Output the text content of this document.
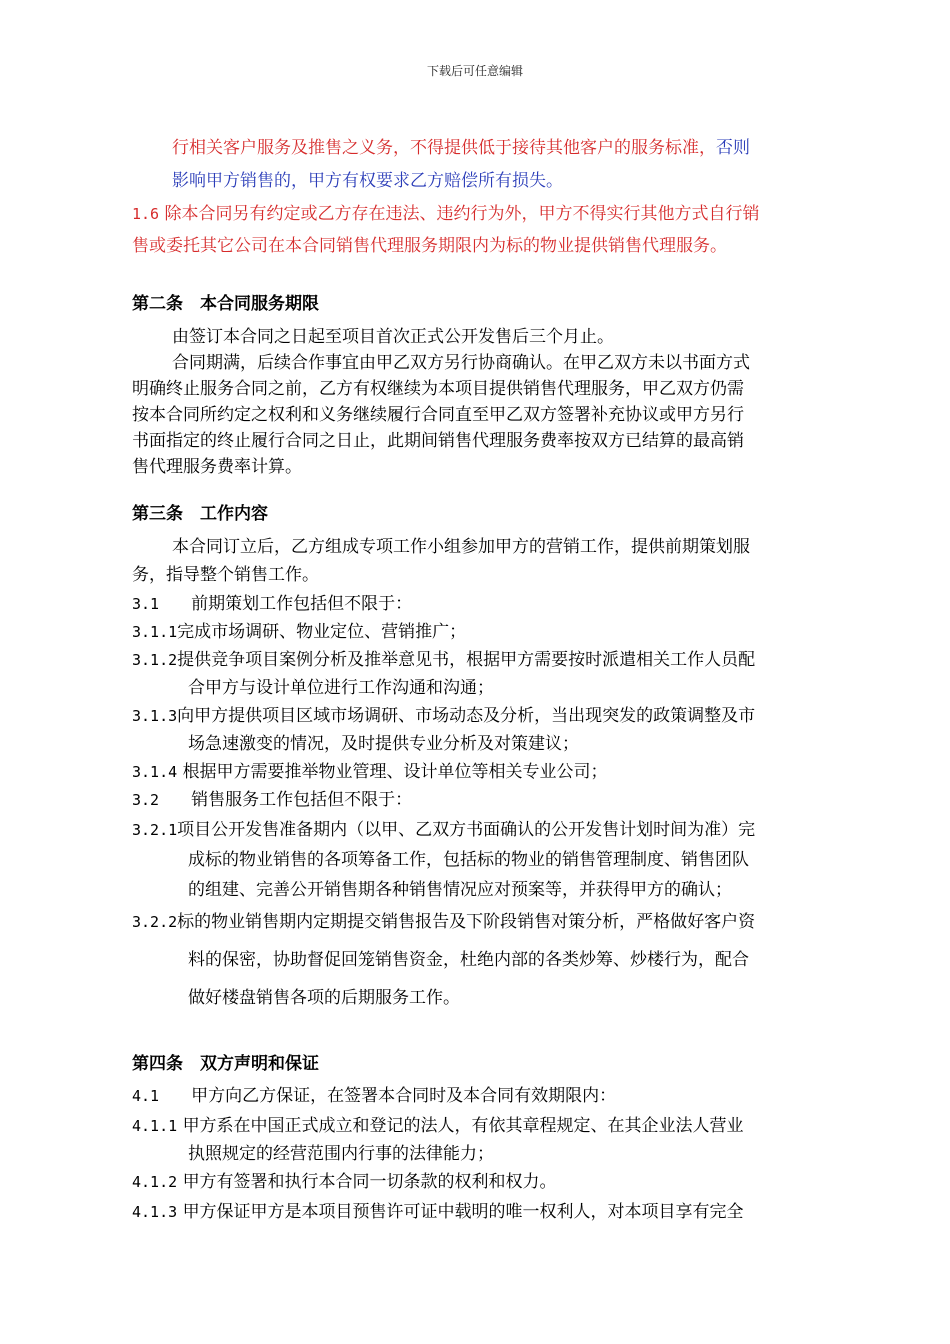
下载后可任意编辑
行相关客户服务及推售之义务，不得提供低于接待其他客户的服务标准，否则
影响甲方销售的，甲方有权要求乙方赔偿所有损失。
1.6 除本合同另有约定或乙方存在违法、违约行为外，甲方不得实行其他方式自行销
售或委托其它公司在本合同销售代理服务期限内为标的物业提供销售代理服务。
第二条　本合同服务期限
由签订本合同之日起至项目首次正式公开发售后三个月止。
合同期满，后续合作事宜由甲乙双方另行协商确认。在甲乙双方未以书面方式
明确终止服务合同之前，乙方有权继续为本项目提供销售代理服务，甲乙双方仍需
按本合同所约定之权利和义务继续履行合同直至甲乙双方签署补充协议或甲方另行
书面指定的终止履行合同之日止，此期间销售代理服务费率按双方已结算的最高销
售代理服务费率计算。
第三条　工作内容
本合同订立后，乙方组成专项工作小组参加甲方的营销工作，提供前期策划服
务，指导整个销售工作。
3.1 前期策划工作包括但不限于：
3.1.1完成市场调研、物业定位、营销推广；
3.1.2提供竞争项目案例分析及推举意见书，根据甲方需要按时派遣相关工作人员配
合甲方与设计单位进行工作沟通和沟通；
3.1.3向甲方提供项目区域市场调研、市场动态及分析，当出现突发的政策调整及市
场急速激变的情况，及时提供专业分析及对策建议；
3.1.4 根据甲方需要推举物业管理、设计单位等相关专业公司；
3.2 销售服务工作包括但不限于：
3.2.1项目公开发售准备期内（以甲、乙双方书面确认的公开发售计划时间为准）完
成标的物业销售的各项筹备工作，包括标的物业的销售管理制度、销售团队
的组建、完善公开销售期各种销售情况应对预案等，并获得甲方的确认；
3.2.2标的物业销售期内定期提交销售报告及下阶段销售对策分析，严格做好客户资
料的保密，协助督促回笼销售资金，杜绝内部的各类炒筹、炒楼行为，配合
做好楼盘销售各项的后期服务工作。
第四条　双方声明和保证
4.1 甲方向乙方保证，在签署本合同时及本合同有效期限内：
4.1.1 甲方系在中国正式成立和登记的法人，有依其章程规定、在其企业法人营业
执照规定的经营范围内行事的法律能力；
4.1.2 甲方有签署和执行本合同一切条款的权利和权力。
4.1.3 甲方保证甲方是本项目预售许可证中载明的唯一权利人，对本项目享有完全
